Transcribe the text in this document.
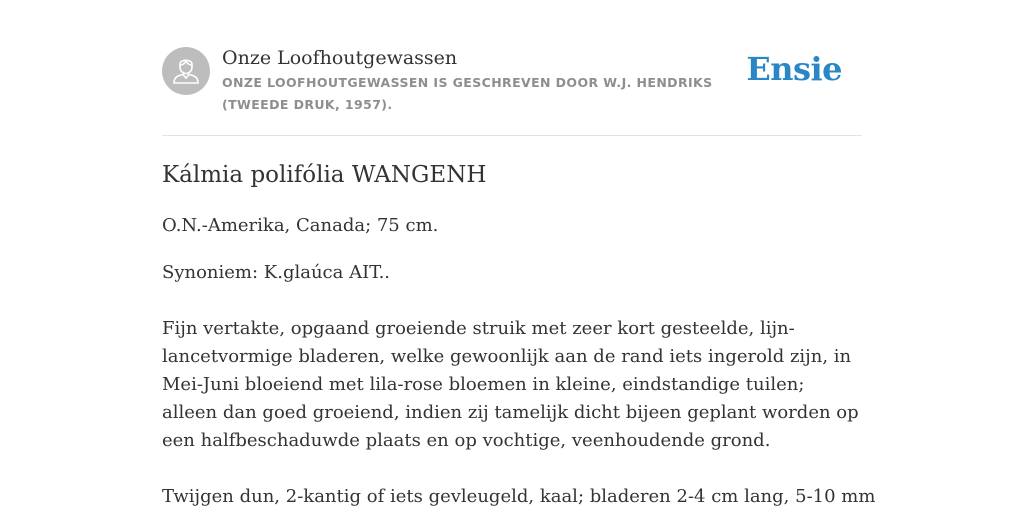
Onze Loofhoutgewassen
ONZE LOOFHOUTGEWASSEN IS GESCHREVEN DOOR W.J. HENDRIKS (TWEEDE DRUK, 1957).
Ensie
Kálmia polifólia WANGENH

O.N.-Amerika, Canada; 75 cm.

Synoniem: K.glaúca AIT..

Fijn vertakte, opgaand groeiende struik met zeer kort gesteelde, lijn-lancetvormige bladeren, welke gewoonlijk aan de rand iets ingerold zijn, in Mei-Juni bloeiend met lila-rose bloemen in kleine, eindstandige tuilen; alleen dan goed groeiend, indien zij tamelijk dicht bijeen geplant worden op een halfbeschaduwde plaats en op vochtige, veenhoudende grond.

Twijgen dun, 2-kantig of iets gevleugeld, kaal; bladeren 2-4 cm lang, 5-10 mm
